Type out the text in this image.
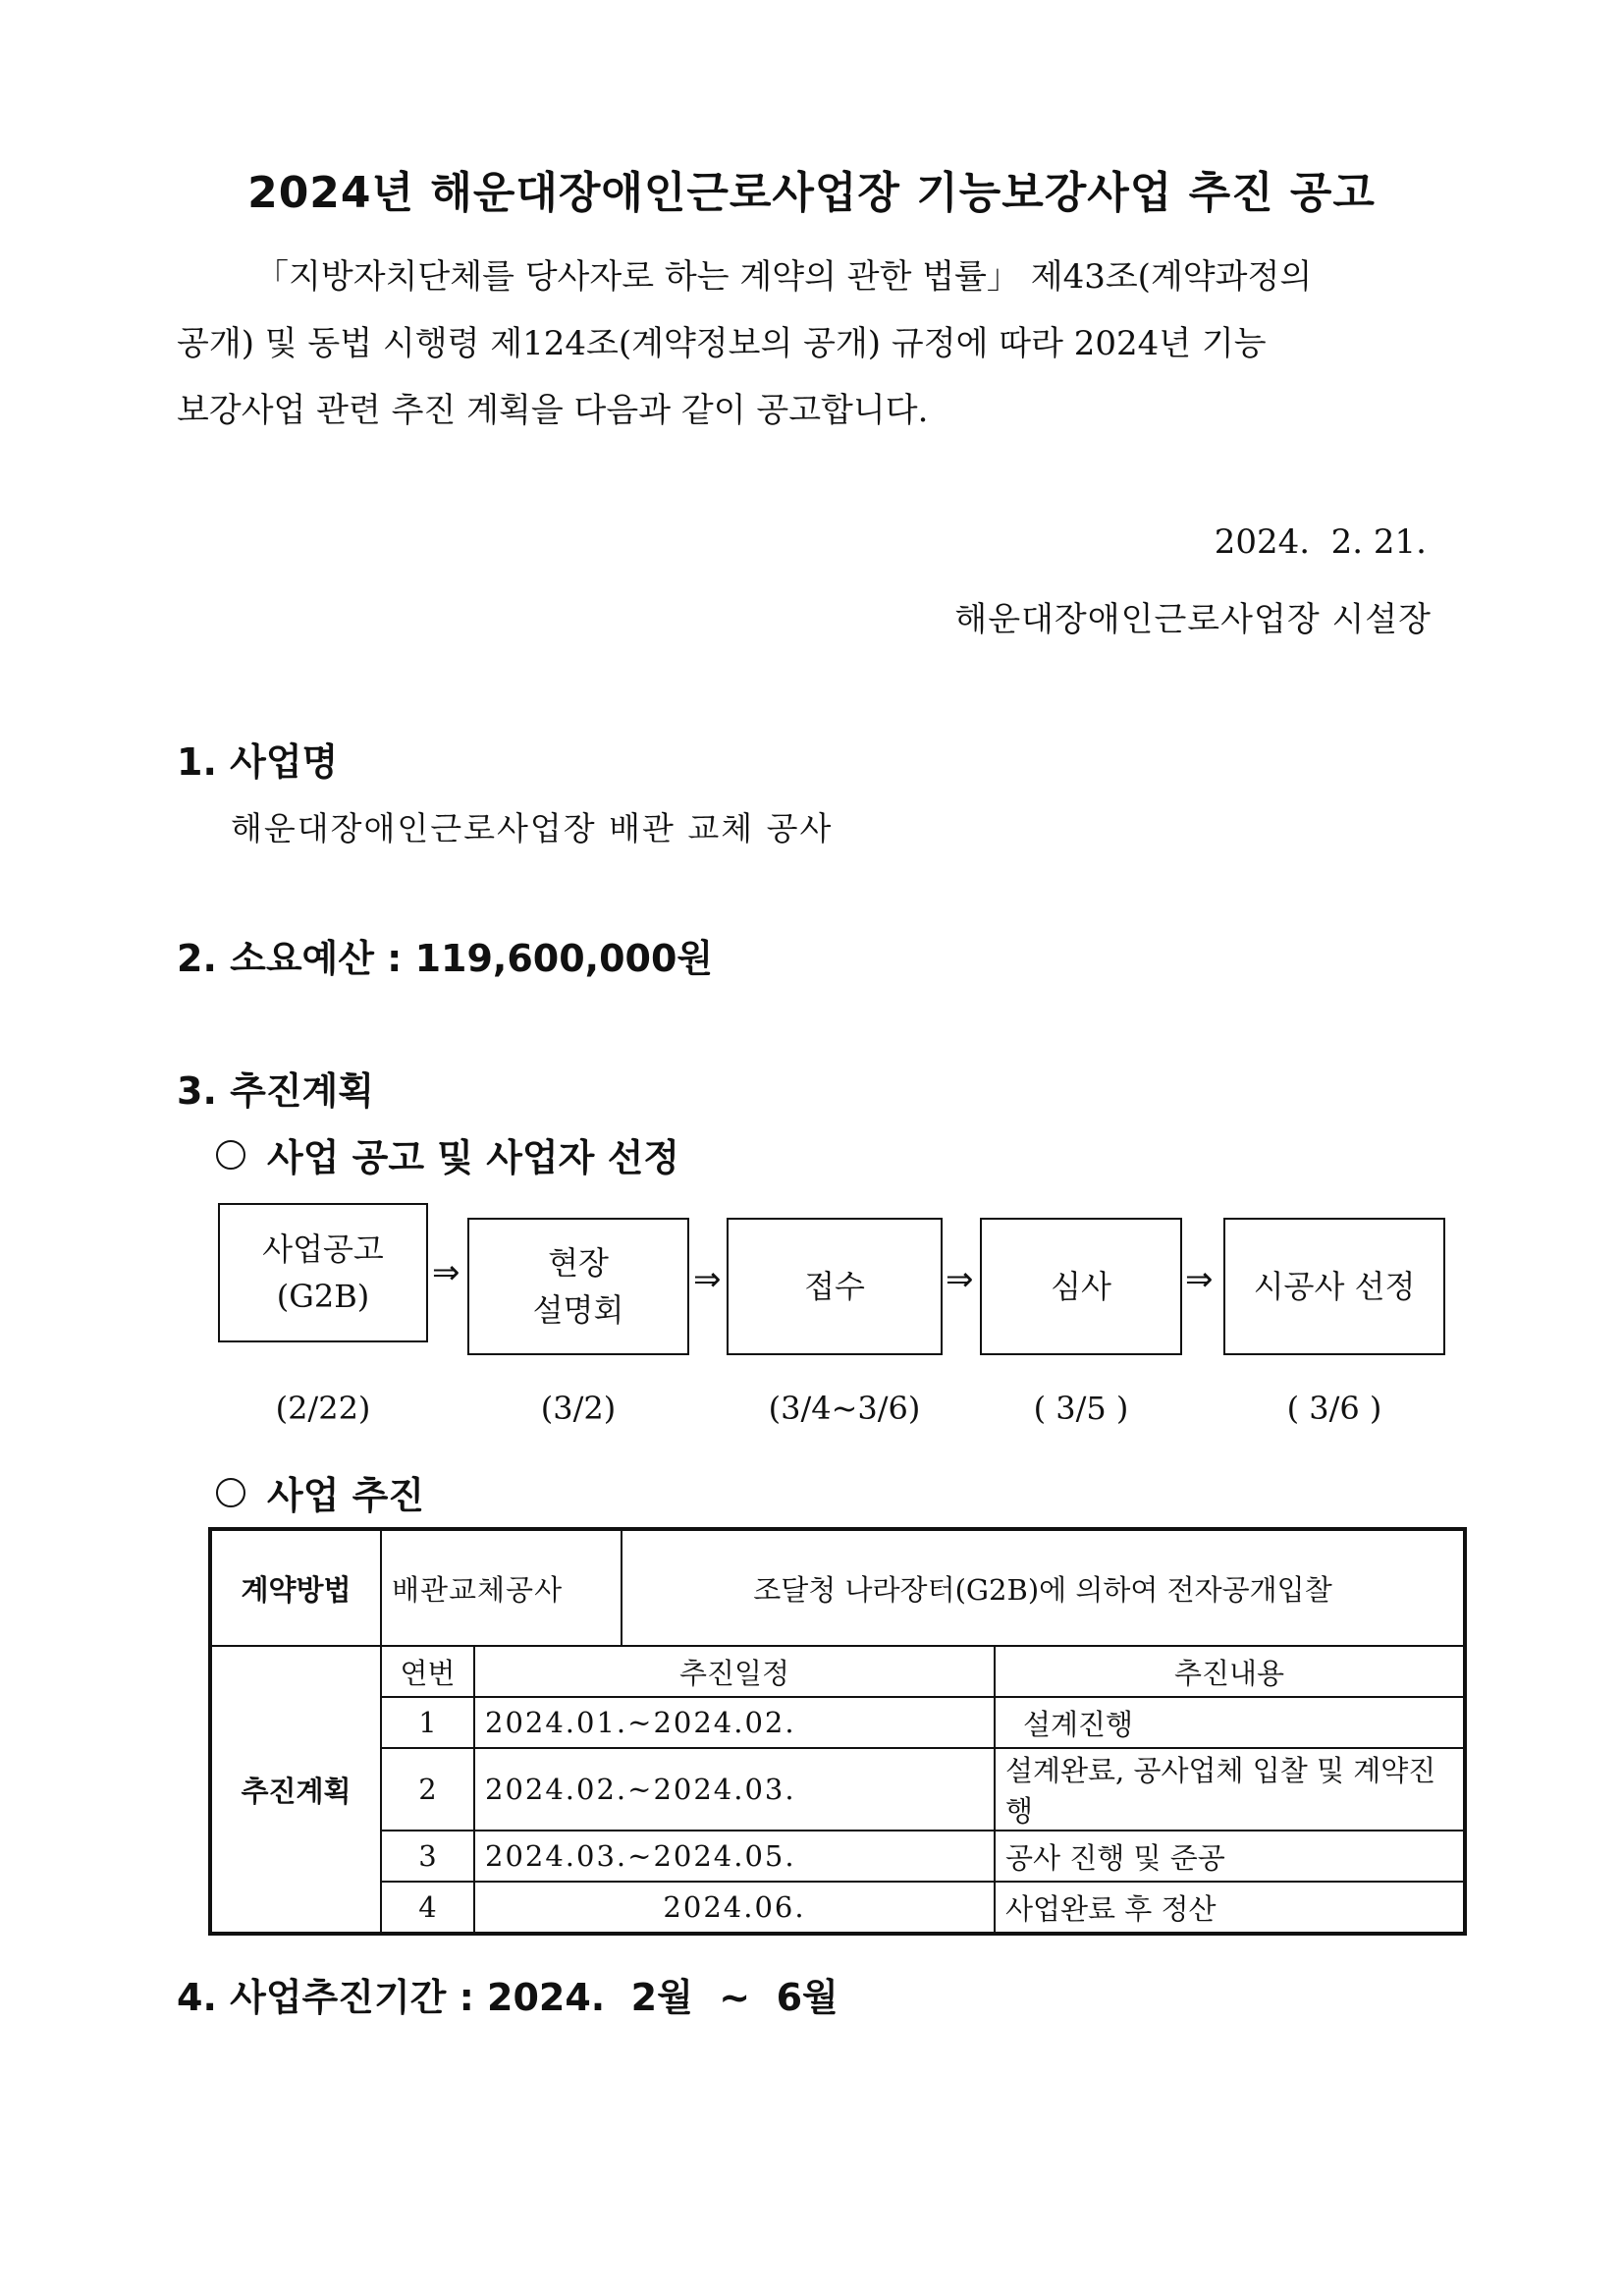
2024년 해운대장애인근로사업장 기능보강사업 추진 공고

「지방자치단체를 당사자로 하는 계약의 관한 법률」 제43조(계약과정의

공개) 및 동법 시행령 제124조(계약정보의 공개) 규정에 따라 2024년 기능

보강사업 관련 추진 계획을 다음과 같이 공고합니다.

2024.  2. 21.
해운대장애인근로사업장 시설장
1. 사업명
해운대장애인근로사업장 배관 교체 공사
2. 소요예산 : 119,600,000원
3. 추진계획
사업 공고 및 사업자 선정
사업공고
(G2B)
⇒	현장
설명회
⇒	접수 ⇒ 심사 ⇒ 시공사 선정
(2/22)	(3/2)	(3/4~3/6)	( 3/5 )	( 3/6 )
사업 추진
계약방법	배관교체공사		조달청 나라장터(G2B)에 의하여 전자공개입찰	
추진계획	연번	추진일정		추진내용
	1	2024.01.~2024.02.		설계진행
	2	2024.02.~2024.03.		설계완료, 공사업체 입찰 및 계약진행
	3	2024.03.~2024.05.		공사 진행 및 준공
	4	2024.06.		사업완료 후 정산
4. 사업추진기간 : 2024.  2월  ~  6월
